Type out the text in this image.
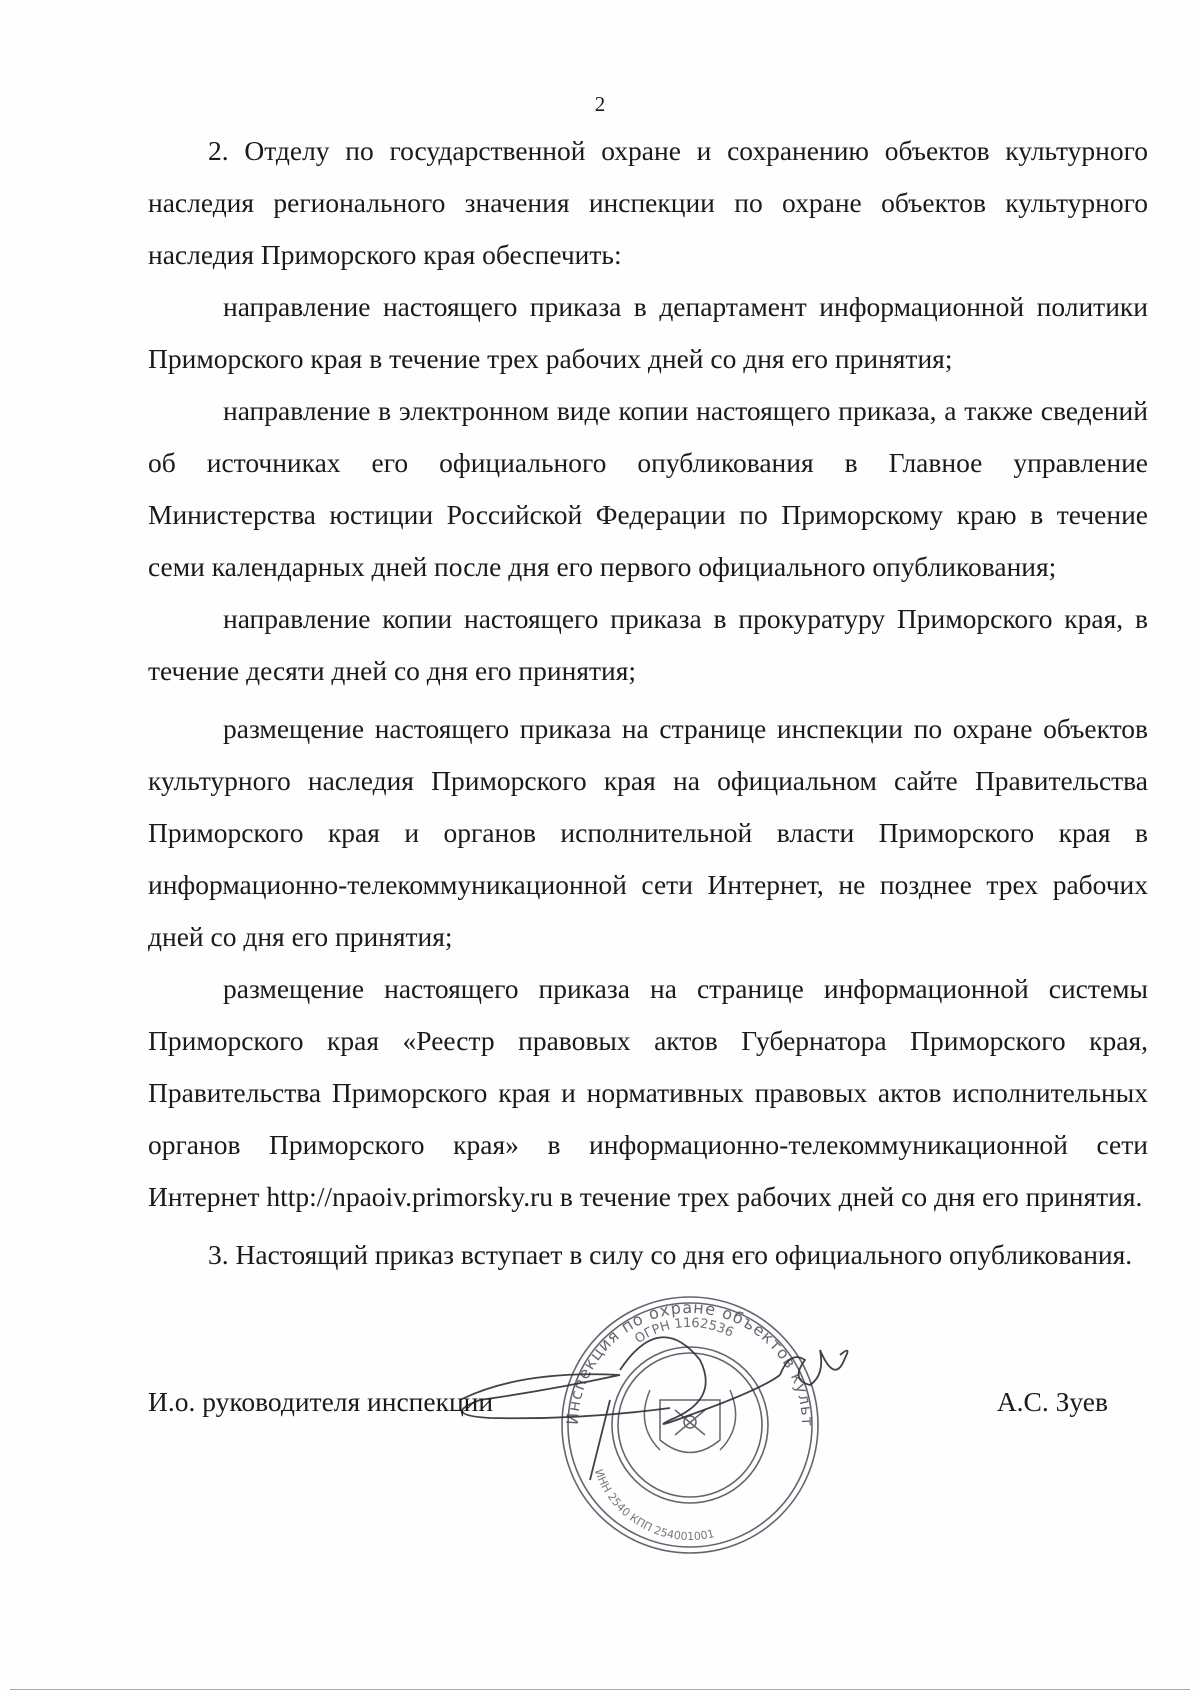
2

2. Отделу по государственной охране и сохранению объектов культурного наследия регионального значения инспекции по охране объектов культурного наследия Приморского края обеспечить:

направление настоящего приказа в департамент информационной политики Приморского края в течение трех рабочих дней со дня его принятия;

направление в электронном виде копии настоящего приказа, а также сведений об источниках его официального опубликования в Главное управление Министерства юстиции Российской Федерации по Приморскому краю в течение семи календарных дней после дня его первого официального опубликования;

направление копии настоящего приказа в прокуратуру Приморского края, в течение десяти дней со дня его принятия;

размещение настоящего приказа на странице инспекции по охране объектов культурного наследия Приморского края на официальном сайте Правительства Приморского края и органов исполнительной власти Приморского края в информационно-телекоммуникационной сети Интернет, не позднее трех рабочих дней со дня его принятия;

размещение настоящего приказа на странице информационной системы Приморского края «Реестр правовых актов Губернатора Приморского края, Правительства Приморского края и нормативных правовых актов исполнительных органов Приморского края» в информационно-телекоммуникационной сети Интернет http://npaoiv.primorsky.ru в течение трех рабочих дней со дня его принятия.

3. Настоящий приказ вступает в силу со дня его официального опубликования.

Инспекция по охране объектов культ
ОГРН 1162536
ИНН 2540 КПП 254001001
И.о. руководителя инспекции	А.С. Зуев
